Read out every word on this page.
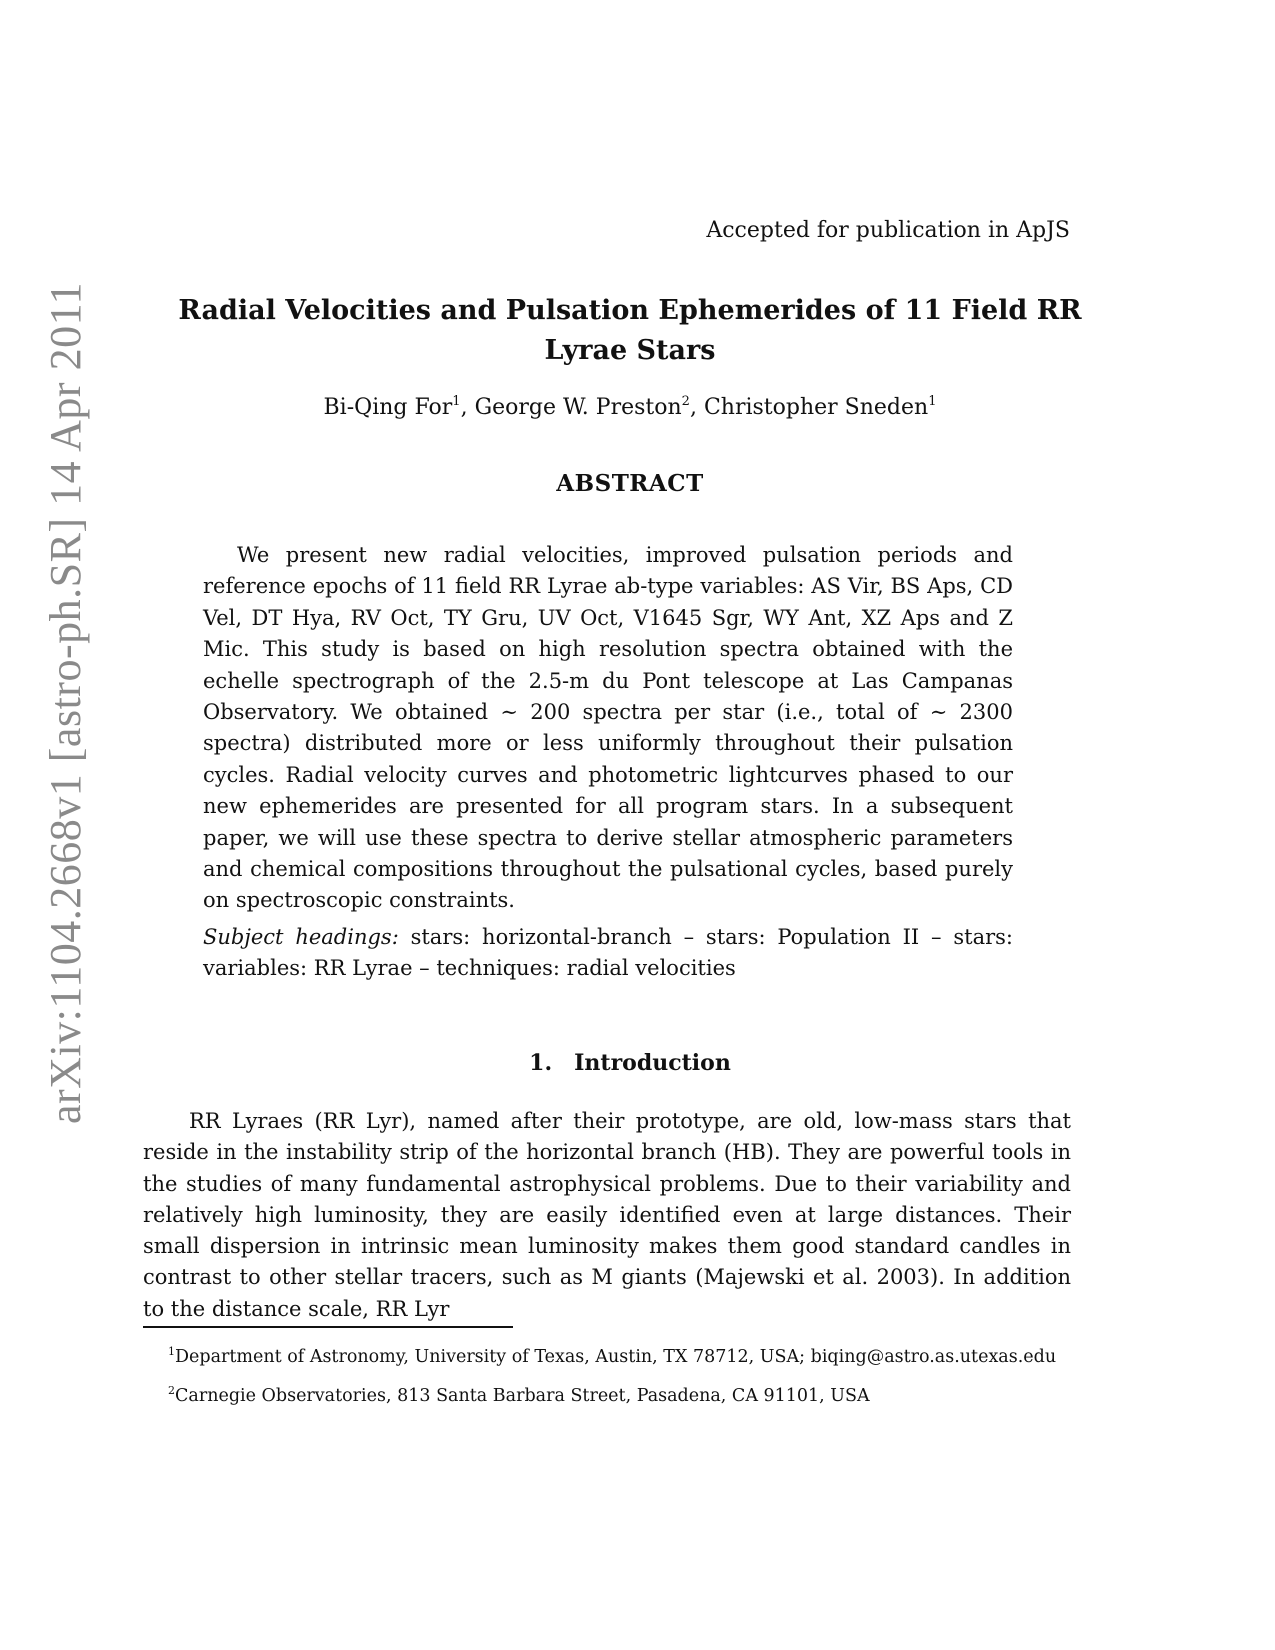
arXiv:1104.2668v1 [astro-ph.SR] 14 Apr 2011
Accepted for publication in ApJS
Radial Velocities and Pulsation Ephemerides of 11 Field RR
Lyrae Stars
Bi-Qing For$^1$, George W. Preston$^2$, Christopher Sneden$^1$
ABSTRACT

We present new radial velocities, improved pulsation periods and reference epochs of 11 field RR Lyrae ab-type variables: AS Vir, BS Aps, CD Vel, DT Hya, RV Oct, TY Gru, UV Oct, V1645 Sgr, WY Ant, XZ Aps and Z Mic. This study is based on high resolution spectra obtained with the echelle spectrograph of the 2.5-m du Pont telescope at Las Campanas Observatory. We obtained ∼ 200 spectra per star (i.e., total of ∼ 2300 spectra) distributed more or less uniformly throughout their pulsation cycles. Radial velocity curves and photometric lightcurves phased to our new ephemerides are presented for all program stars. In a subsequent paper, we will use these spectra to derive stellar atmospheric parameters and chemical compositions throughout the pulsational cycles, based purely on spectroscopic constraints.

Subject headings: stars: horizontal-branch – stars: Population II – stars: variables: RR Lyrae – techniques: radial velocities
1. Introduction

RR Lyraes (RR Lyr), named after their prototype, are old, low-mass stars that reside in the instability strip of the horizontal branch (HB). They are powerful tools in the studies of many fundamental astrophysical problems. Due to their variability and relatively high luminosity, they are easily identified even at large distances. Their small dispersion in intrinsic mean luminosity makes them good standard candles in contrast to other stellar tracers, such as M giants (Majewski et al. 2003). In addition to the distance scale, RR Lyr

$^1$Department of Astronomy, University of Texas, Austin, TX 78712, USA; biqing@astro.as.utexas.edu
$^2$Carnegie Observatories, 813 Santa Barbara Street, Pasadena, CA 91101, USA
